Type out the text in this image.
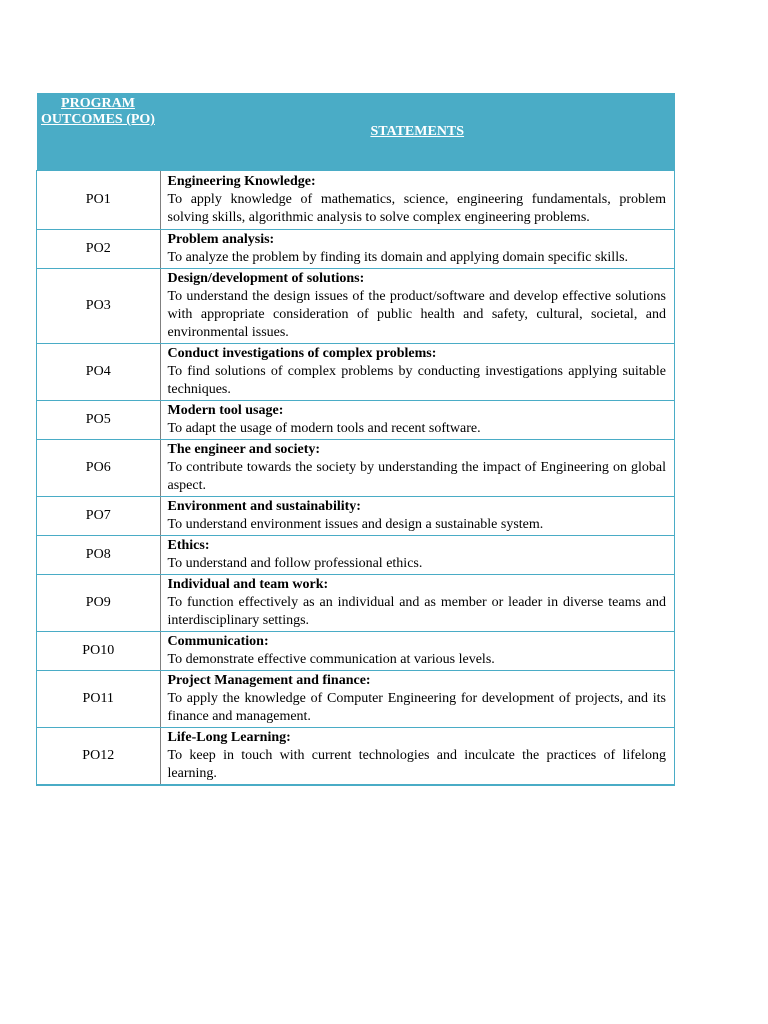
PROGRAM OUTCOMES (PO)	STATEMENTS
PO1	Engineering Knowledge:
To apply knowledge of mathematics, science, engineering fundamentals, problem solving skills, algorithmic analysis to solve complex engineering problems.

PO2	Problem analysis:
To analyze the problem by finding its domain and applying domain specific skills.

PO3	Design/development of solutions:
To understand the design issues of the product/software and develop effective solutions with appropriate consideration of public health and safety, cultural, societal, and environmental issues.

PO4	Conduct investigations of complex problems:
To find solutions of complex problems by conducting investigations applying suitable techniques.

PO5	Modern tool usage:
To adapt the usage of modern tools and recent software.

PO6	The engineer and society:
To contribute towards the society by understanding the impact of Engineering on global aspect.

PO7	Environment and sustainability:
To understand environment issues and design a sustainable system.

PO8	Ethics:
To understand and follow professional ethics.

PO9	Individual and team work:
To function effectively as an individual and as member or leader in diverse teams and interdisciplinary settings.

PO10	Communication:
To demonstrate effective communication at various levels.

PO11	Project Management and finance:
To apply the knowledge of Computer Engineering for development of projects, and its finance and management.

PO12	Life-Long Learning:
To keep in touch with current technologies and inculcate the practices of lifelong learning.
